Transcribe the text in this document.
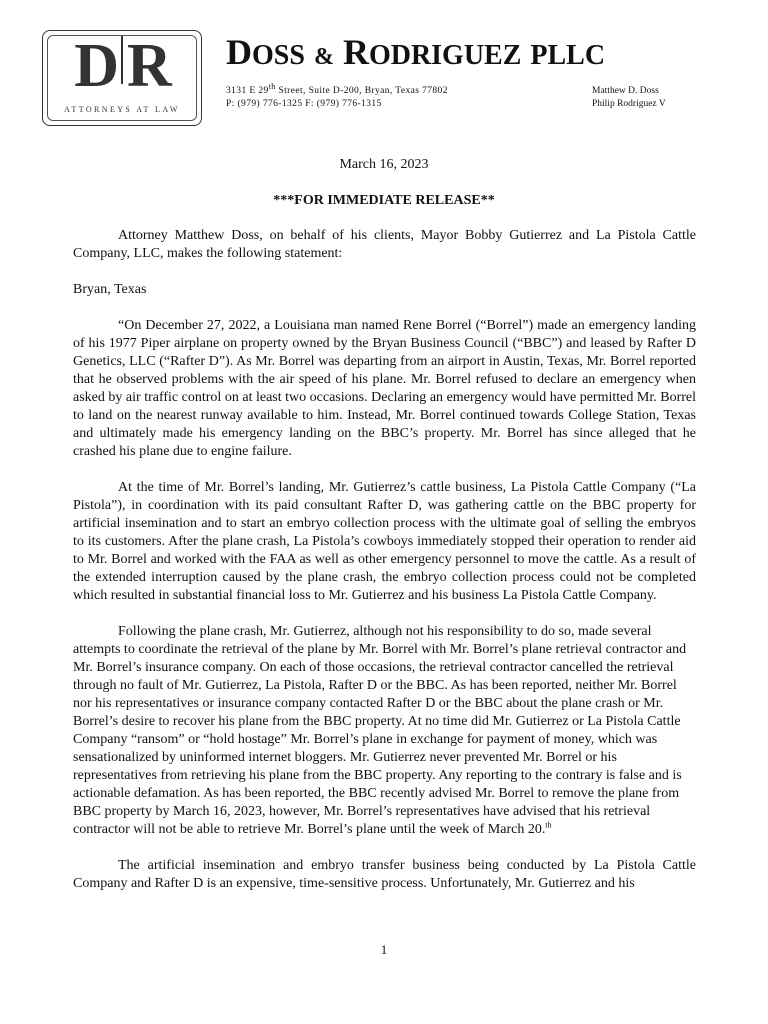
D R
ATTORNEYS AT LAW
DOSS & RODRIGUEZ PLLC
3131 E 29th Street, Suite D-200, Bryan, Texas 77802
P: (979) 776-1325 F: (979) 776-1315
Matthew D. Doss
Philip Rodriguez V
March 16, 2023
***FOR IMMEDIATE RELEASE**

Attorney Matthew Doss, on behalf of his clients, Mayor Bobby Gutierrez and La Pistola Cattle Company, LLC, makes the following statement:

Bryan, Texas

“On December 27, 2022, a Louisiana man named Rene Borrel (“Borrel”) made an emergency landing of his 1977 Piper airplane on property owned by the Bryan Business Council (“BBC”) and leased by Rafter D Genetics, LLC (“Rafter D”). As Mr. Borrel was departing from an airport in Austin, Texas, Mr. Borrel reported that he observed problems with the air speed of his plane. Mr. Borrel refused to declare an emergency when asked by air traffic control on at least two occasions. Declaring an emergency would have permitted Mr. Borrel to land on the nearest runway available to him. Instead, Mr. Borrel continued towards College Station, Texas and ultimately made his emergency landing on the BBC’s property. Mr. Borrel has since alleged that he crashed his plane due to engine failure.

At the time of Mr. Borrel’s landing, Mr. Gutierrez’s cattle business, La Pistola Cattle Company (“La Pistola”), in coordination with its paid consultant Rafter D, was gathering cattle on the BBC property for artificial insemination and to start an embryo collection process with the ultimate goal of selling the embryos to its customers. After the plane crash, La Pistola’s cowboys immediately stopped their operation to render aid to Mr. Borrel and worked with the FAA as well as other emergency personnel to move the cattle. As a result of the extended interruption caused by the plane crash, the embryo collection process could not be completed which resulted in substantial financial loss to Mr. Gutierrez and his business La Pistola Cattle Company.

Following the plane crash, Mr. Gutierrez, although not his responsibility to do so, made several attempts to coordinate the retrieval of the plane by Mr. Borrel with Mr. Borrel’s plane retrieval contractor and Mr. Borrel’s insurance company. On each of those occasions, the retrieval contractor cancelled the retrieval through no fault of Mr. Gutierrez, La Pistola, Rafter D or the BBC. As has been reported, neither Mr. Borrel nor his representatives or insurance company contacted Rafter D or the BBC about the plane crash or Mr. Borrel’s desire to recover his plane from the BBC property. At no time did Mr. Gutierrez or La Pistola Cattle Company “ransom” or “hold hostage” Mr. Borrel’s plane in exchange for payment of money, which was sensationalized by uninformed internet bloggers. Mr. Gutierrez never prevented Mr. Borrel or his representatives from retrieving his plane from the BBC property. Any reporting to the contrary is false and is actionable defamation. As has been reported, the BBC recently advised Mr. Borrel to remove the plane from BBC property by March 16, 2023, however, Mr. Borrel’s representatives have advised that his retrieval contractor will not be able to retrieve Mr. Borrel’s plane until the week of March 20.$^{th}$

The artificial insemination and embryo transfer business being conducted by La Pistola Cattle Company and Rafter D is an expensive, time-sensitive process. Unfortunately, Mr. Gutierrez and his

1
